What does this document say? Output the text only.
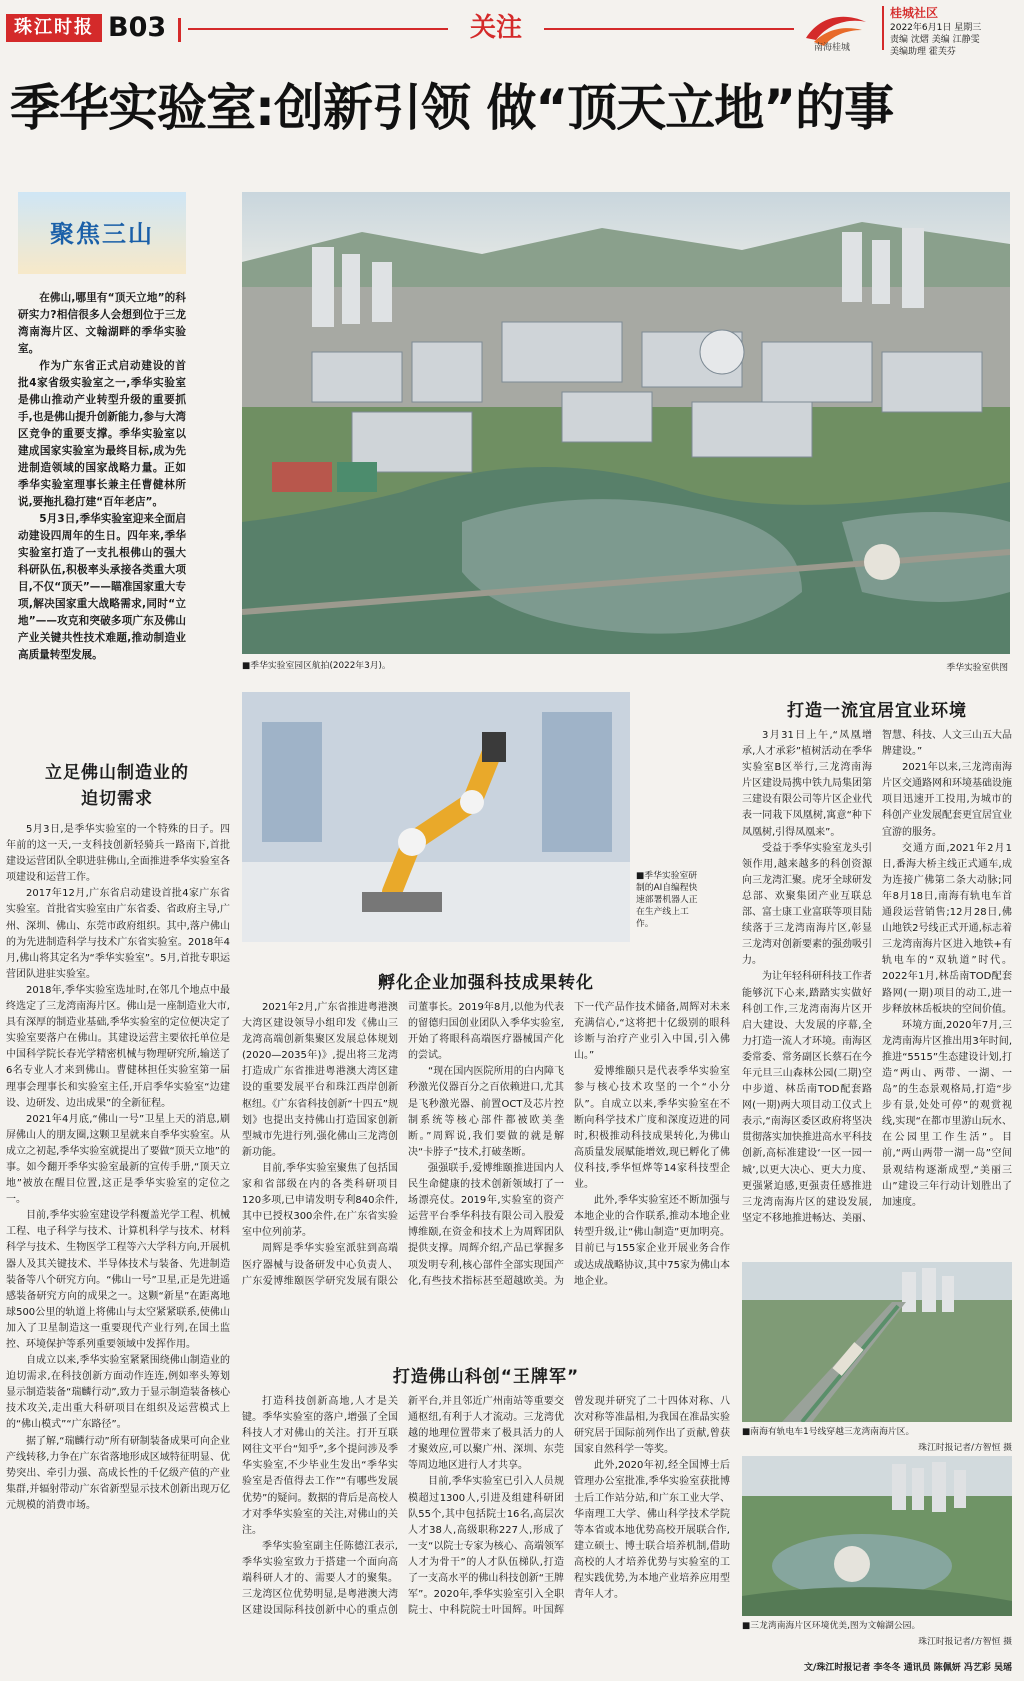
珠江时报 B03	关注
南海桂城
桂城社区
2022年6月1日 星期三
责编 沈熠 美编 江静雯
美编助理 霍芙芬
季华实验室:创新引领 做“顶天立地”的事
聚焦三山

在佛山,哪里有“顶天立地”的科研实力?相信很多人会想到位于三龙湾南海片区、文翰湖畔的季华实验室。

作为广东省正式启动建设的首批4家省级实验室之一,季华实验室是佛山推动产业转型升级的重要抓手,也是佛山提升创新能力,参与大湾区竞争的重要支撑。季华实验室以建成国家实验室为最终目标,成为先进制造领域的国家战略力量。正如季华实验室理事长兼主任曹健林所说,要拖扎稳打建“百年老店”。

5月3日,季华实验室迎来全面启动建设四周年的生日。四年来,季华实验室打造了一支扎根佛山的强大科研队伍,积极率头承接各类重大项目,不仅“顶天”——瞄准国家重大专项,解决国家重大战略需求,同时“立地”——攻克和突破多项广东及佛山产业关键共性技术难题,推动制造业高质量转型发展。

■季华实验室园区航拍(2022年3月)。	季华实验室供图
■季华实验室研制的AI自编程快速部署机器人正在生产线上工作。
立足佛山制造业的
迫切需求

5月3日,是季华实验室的一个特殊的日子。四年前的这一天,一支科技创新轻骑兵一路南下,首批建设运营团队全职进驻佛山,全面推进季华实验室各项建设和运营工作。

2017年12月,广东省启动建设首批4家广东省实验室。首批省实验室由广东省委、省政府主导,广州、深圳、佛山、东莞市政府组织。其中,落户佛山的为先进制造科学与技术广东省实验室。2018年4月,佛山将其定名为“季华实验室”。5月,首批专职运营团队进驻实验室。

2018年,季华实验室选址时,在邻几个地点中最终选定了三龙湾南海片区。佛山是一座制造业大市,具有深厚的制造业基础,季华实验室的定位便决定了实验室要落户在佛山。其建设运营主要依托单位是中国科学院长春光学精密机械与物理研究所,输送了6名专业人才来到佛山。曹健林担任实验室第一届理事会理事长和实验室主任,开启季华实验室“边建设、边研发、边出成果”的全新征程。

2021年4月底,“佛山一号”卫星上天的消息,刷屏佛山人的朋友圈,这颗卫星就来自季华实验室。从成立之初起,季华实验室就提出了要做“顶天立地”的事。如今翻开季华实验室最新的宣传手册,“顶天立地”被放在醒目位置,这正是季华实验室的定位之一。

目前,季华实验室建设学科覆盖光学工程、机械工程、电子科学与技术、计算机科学与技术、材料科学与技术、生物医学工程等六大学科方向,开展机器人及其关键技术、半导体技术与装备、先进制造装备等八个研究方向。“佛山一号”卫星,正是先进遥感装备研究方向的成果之一。这颗“新星”在距离地球500公里的轨道上将佛山与太空紧紧联系,使佛山加入了卫星制造这一重要现代产业行列,在国土监控、环境保护等系列重要领域中发挥作用。

自成立以来,季华实验室紧紧围绕佛山制造业的迫切需求,在科技创新方面动作连连,例如率头筹划显示制造装备“瑞麟行动”,致力于显示制造装备核心技术攻关,走出重大科研项目在组织及运营模式上的“佛山模式”“广东路径”。

据了解,“瑞麟行动”所有研制装备成果可向企业产线转移,力争在广东省落地形成区域特征明显、优势突出、牵引力强、高成长性的千亿级产值的产业集群,并辐射带动广东省新型显示技术创新出现万亿元规模的消费市场。

孵化企业加强科技成果转化

2021年2月,广东省推进粤港澳大湾区建设领导小组印发《佛山三龙湾高端创新集聚区发展总体规划(2020—2035年)》,提出将三龙湾打造成广东省推进粤港澳大湾区建设的重要发展平台和珠江西岸创新枢纽。《广东省科技创新“十四五”规划》也提出支持佛山打造国家创新型城市先进行列,强化佛山三龙湾创新功能。

目前,季华实验室聚焦了包括国家和省部级在内的各类科研项目120多项,已申请发明专利840余件,其中已授权300余件,在广东省实验室中位列前茅。

周辉是季华实验室派驻到高端医疗器械与设备研发中心负责人、广东爱博维颐医学研究发展有限公司董事长。2019年8月,以他为代表的留德归国创业团队入季华实验室,开始了将眼科高端医疗器械国产化的尝试。

“现在国内医院所用的白内障飞秒激光仪器百分之百依赖进口,尤其是飞秒激光器、前置OCT及芯片控制系统等核心部件都被欧美垄断。”周辉说,我们要做的就是解决“卡脖子”技术,打破垄断。

强强联手,爱博维颐推进国内人民生命健康的技术创新领域打了一场漂亮仗。2019年,实验室的资产运营平台季华科技有限公司入股爱博维颐,在资金和技术上为周辉团队提供支撑。周辉介绍,产品已掌握多项发明专利,核心部件全部实现国产化,有些技术指标甚至超越欧美。为下一代产品作技术储备,周辉对未来充满信心,“这将把十亿级别的眼科诊断与治疗产业引入中国,引入佛山。”

爱博维颐只是代表季华实验室参与核心技术攻坚的一个“小分队”。自成立以来,季华实验室在不断向科学技术广度和深度迈进的同时,积极推动科技成果转化,为佛山高质量发展赋能增效,现已孵化了佛仪科技,季华恒烨等14家科技型企业。

此外,季华实验室还不断加强与本地企业的合作联系,推动本地企业转型升级,让“佛山制造”更加明亮。目前已与155家企业开展业务合作或达成战略协议,其中75家为佛山本地企业。

打造佛山科创“王牌军”

打造科技创新高地,人才是关键。季华实验室的落户,增强了全国科技人才对佛山的关注。打开互联网往文平台“知乎”,多个提问涉及季华实验室,不少毕业生发出“季华实验室是否值得去工作”“有哪些发展优势”的疑问。数据的背后是高校人才对季华实验室的关注,对佛山的关注。

季华实验室副主任陈德江表示,季华实验室致力于搭建一个面向高端科研人才的、需要人才的聚集。三龙湾区位优势明显,是粤港澳大湾区建设国际科技创新中心的重点创新平台,并且邻近广州南站等重要交通枢纽,有利于人才流动。三龙湾优越的地理位置带来了极具活力的人才聚效应,可以聚广州、深圳、东莞等周边地区进行人才共享。

目前,季华实验室已引入人员规模超过1300人,引进及组建科研团队55个,其中包括院士16名,高层次人才38人,高级职称227人,形成了一支“以院士专家为核心、高端领军人才为骨干”的人才队伍梯队,打造了一支高水平的佛山科技创新“王牌军”。2020年,季华实验室引入全职院士、中科院院士叶国辉。叶国辉曾发现并研究了二十四体对称、八次对称等准晶相,为我国在准晶实验研究居于国际前列作出了贡献,曾获国家自然科学一等奖。

此外,2020年初,经全国博士后管理办公室批准,季华实验室获批博士后工作站分站,和广东工业大学、华南理工大学、佛山科学技术学院等本省或本地优势高校开展联合作,建立硕士、博士联合培养机制,借助高校的人才培养优势与实验室的工程实践优势,为本地产业培养应用型青年人才。

打造一流宜居宜业环境

3月31日上午,“凤凰增承,人才承彩”植树活动在季华实验室B区举行,三龙湾南海片区建设局携中铁九局集团第三建设有限公司等片区企业代表一同栽下凤凰树,寓意“种下凤凰树,引得凤凰来”。

受益于季华实验室龙头引领作用,越来越多的科创资源向三龙湾汇聚。虎牙全球研发总部、欢聚集团产业互联总部、富士康工业富联等项目陆续落于三龙湾南海片区,彰显三龙湾对创新要素的强劲吸引力。

为让年轻科研科技工作者能够沉下心来,踏踏实实做好科创工作,三龙湾南海片区开启大建设、大发展的序幕,全力打造一流人才环境。南海区委常委、常务副区长蔡石在今年元旦三山森林公园(二期)空中步道、林岳南TOD配套路网(一期)两大项目动工仪式上表示,“南海区委区政府将坚决贯彻落实加快推进高水平科技创新,高标准建设‘一区一园一城’,以更大决心、更大力度、更强紧迫感,更强责任感推进三龙湾南海片区的建设发展,坚定不移地推进畅达、美丽、智慧、科技、人文三山五大品牌建设。”

2021年以来,三龙湾南海片区交通路网和环境基础设施项目迅速开工投用,为城市的科创产业发展配套更宜居宜业宜游的服务。

交通方面,2021年2月1日,番海大桥主线正式通车,成为连接广佛第二条大动脉;同年8月18日,南海有轨电车首通段运营销售;12月28日,佛山地铁2号线正式开通,标志着三龙湾南海片区进入地铁+有轨电车的“双轨道”时代。2022年1月,林岳南TOD配套路网(一期)项目的动工,进一步释放林岳板块的空间价值。

环境方面,2020年7月,三龙湾南海片区推出用3年时间,推进“5515”生态建设计划,打造“两山、两带、一湖、一岛”的生态景观格局,打造“步步有景,处处可停”的观赏视线,实现“在都市里游山玩水、在公园里工作生活”。目前,“两山两带一湖一岛”空间景观结构逐渐成型,“美丽三山”建设三年行动计划胜出了加速度。

■南海有轨电车1号线穿越三龙湾南海片区。
珠江时报记者/方智恒 摄
■三龙湾南海片区环境优美,图为文翰湖公园。
珠江时报记者/方智恒 摄
文/珠江时报记者 李冬冬 通讯员 陈佩妍 冯艺彩 吴瑶
